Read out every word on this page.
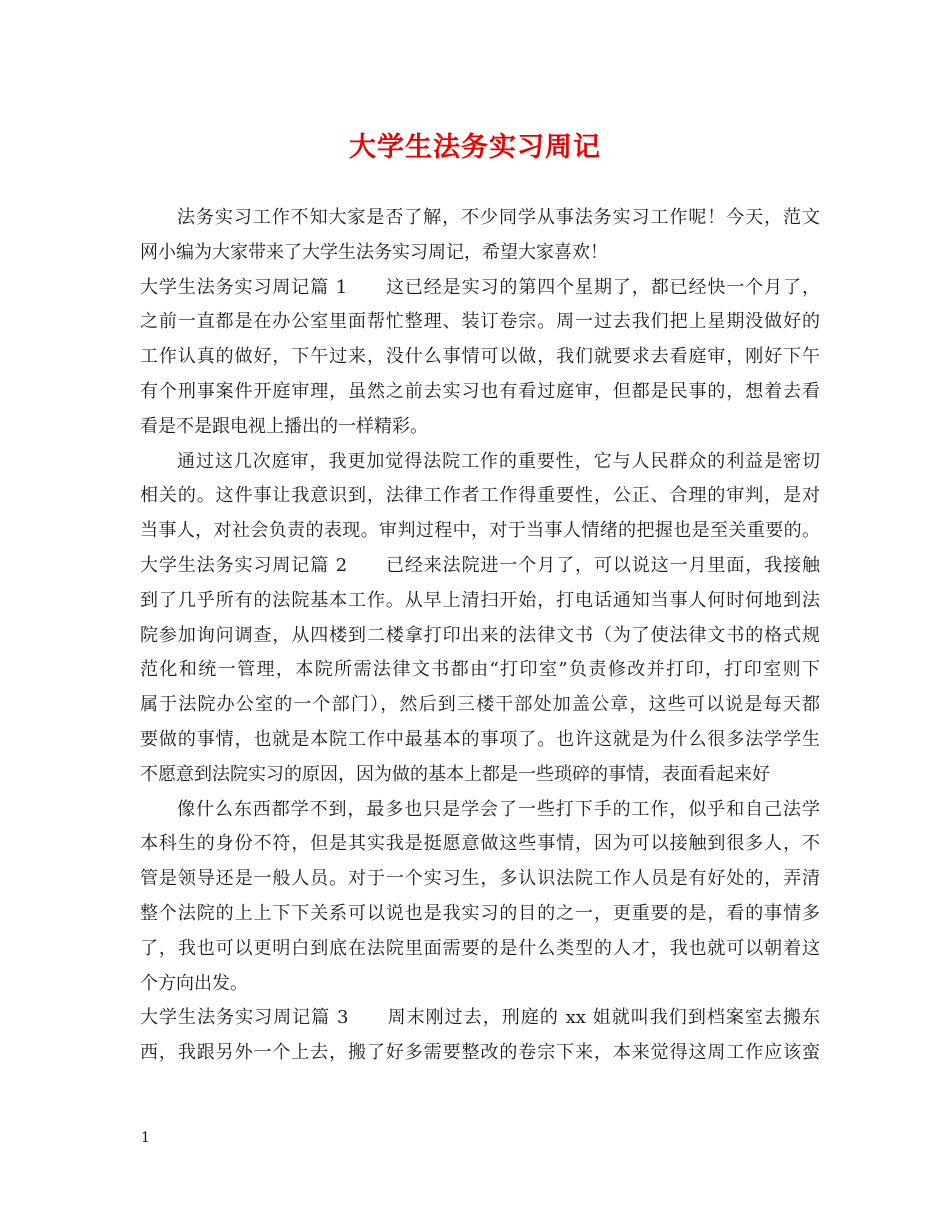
大学生法务实习周记
法务实习工作不知大家是否了解，不少同学从事法务实习工作呢！今天，范文
网小编为大家带来了大学生法务实习周记，希望大家喜欢！
大学生法务实习周记篇 1　　这已经是实习的第四个星期了，都已经快一个月了，
之前一直都是在办公室里面帮忙整理、装订卷宗。周一过去我们把上星期没做好的
工作认真的做好，下午过来，没什么事情可以做，我们就要求去看庭审，刚好下午
有个刑事案件开庭审理，虽然之前去实习也有看过庭审，但都是民事的，想着去看
看是不是跟电视上播出的一样精彩。
通过这几次庭审，我更加觉得法院工作的重要性，它与人民群众的利益是密切
相关的。这件事让我意识到，法律工作者工作得重要性，公正、合理的审判，是对
当事人，对社会负责的表现。审判过程中，对于当事人情绪的把握也是至关重要的。
大学生法务实习周记篇 2　　已经来法院进一个月了，可以说这一月里面，我接触
到了几乎所有的法院基本工作。从早上清扫开始，打电话通知当事人何时何地到法
院参加询问调查，从四楼到二楼拿打印出来的法律文书（为了使法律文书的格式规
范化和统一管理，本院所需法律文书都由“打印室”负责修改并打印，打印室则下
属于法院办公室的一个部门），然后到三楼干部处加盖公章，这些可以说是每天都
要做的事情，也就是本院工作中最基本的事项了。也许这就是为什么很多法学学生
不愿意到法院实习的原因，因为做的基本上都是一些琐碎的事情，表面看起来好
像什么东西都学不到，最多也只是学会了一些打下手的工作，似乎和自己法学
本科生的身份不符，但是其实我是挺愿意做这些事情，因为可以接触到很多人，不
管是领导还是一般人员。对于一个实习生，多认识法院工作人员是有好处的，弄清
整个法院的上上下下关系可以说也是我实习的目的之一，更重要的是，看的事情多
了，我也可以更明白到底在法院里面需要的是什么类型的人才，我也就可以朝着这
个方向出发。
大学生法务实习周记篇 3　　周末刚过去，刑庭的 xx 姐就叫我们到档案室去搬东
西，我跟另外一个上去，搬了好多需要整改的卷宗下来，本来觉得这周工作应该蛮
1
